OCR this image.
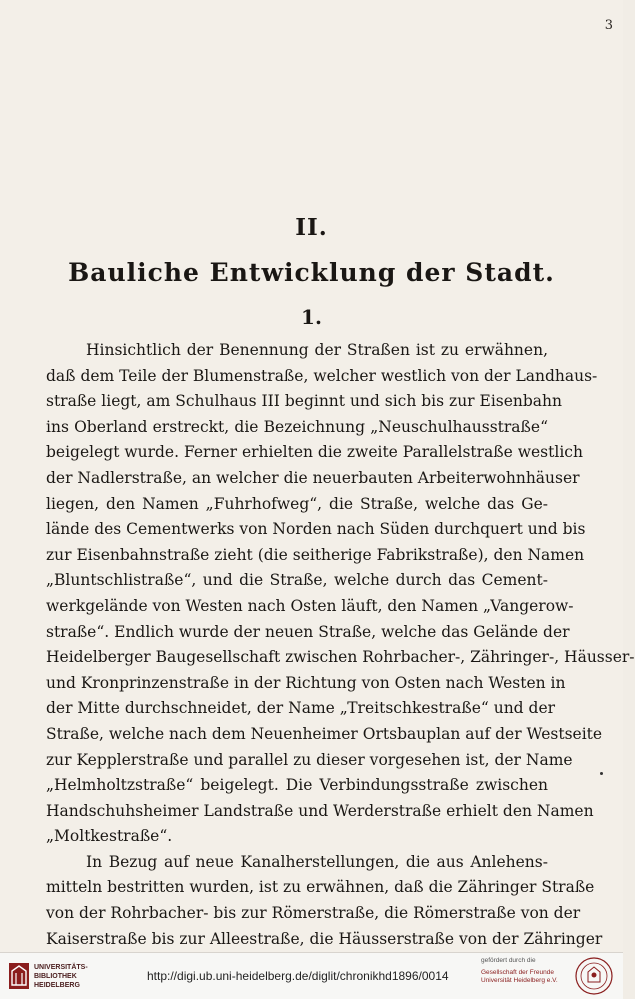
3
II.
Bauliche Entwicklung der Stadt.
1.
Hinsichtlich der Benennung der Straßen ist zu erwähnen,
daß dem Teile der Blumenstraße, welcher westlich von der Landhaus-
straße liegt, am Schulhaus III beginnt und sich bis zur Eisenbahn
ins Oberland erstreckt, die Bezeichnung „Neuschulhausstraße“
beigelegt wurde. Ferner erhielten die zweite Parallelstraße westlich
der Nadlerstraße, an welcher die neuerbauten Arbeiterwohnhäuser
liegen, den Namen „Fuhrhofweg“, die Straße, welche das Ge-
lände des Cementwerks von Norden nach Süden durchquert und bis
zur Eisenbahnstraße zieht (die seitherige Fabrikstraße), den Namen
„Bluntschlistraße“, und die Straße, welche durch das Cement-
werkgelände von Westen nach Osten läuft, den Namen „Vangerow-
straße“. Endlich wurde der neuen Straße, welche das Gelände der
Heidelberger Baugesellschaft zwischen Rohrbacher-, Zähringer-, Häusser-
und Kronprinzenstraße in der Richtung von Osten nach Westen in
der Mitte durchschneidet, der Name „Treitschkestraße“ und der
Straße, welche nach dem Neuenheimer Ortsbauplan auf der Westseite
zur Kepplerstraße und parallel zu dieser vorgesehen ist, der Name
„Helmholtzstraße“ beigelegt. Die Verbindungsstraße zwischen
Handschuhsheimer Landstraße und Werderstraße erhielt den Namen
„Moltkestraße“.
In Bezug auf neue Kanalherstellungen, die aus Anlehens-
mitteln bestritten wurden, ist zu erwähnen, daß die Zähringer Straße
von der Rohrbacher- bis zur Römerstraße, die Römerstraße von der
Kaiserstraße bis zur Alleestraße, die Häusserstraße von der Zähringer
UNIVERSITÄTS-
BIBLIOTHEK
HEIDELBERG
http://digi.ub.uni-heidelberg.de/diglit/chronikhd1896/0014
gefördert durch die
Gesellschaft der Freunde
Universität Heidelberg e.V.
